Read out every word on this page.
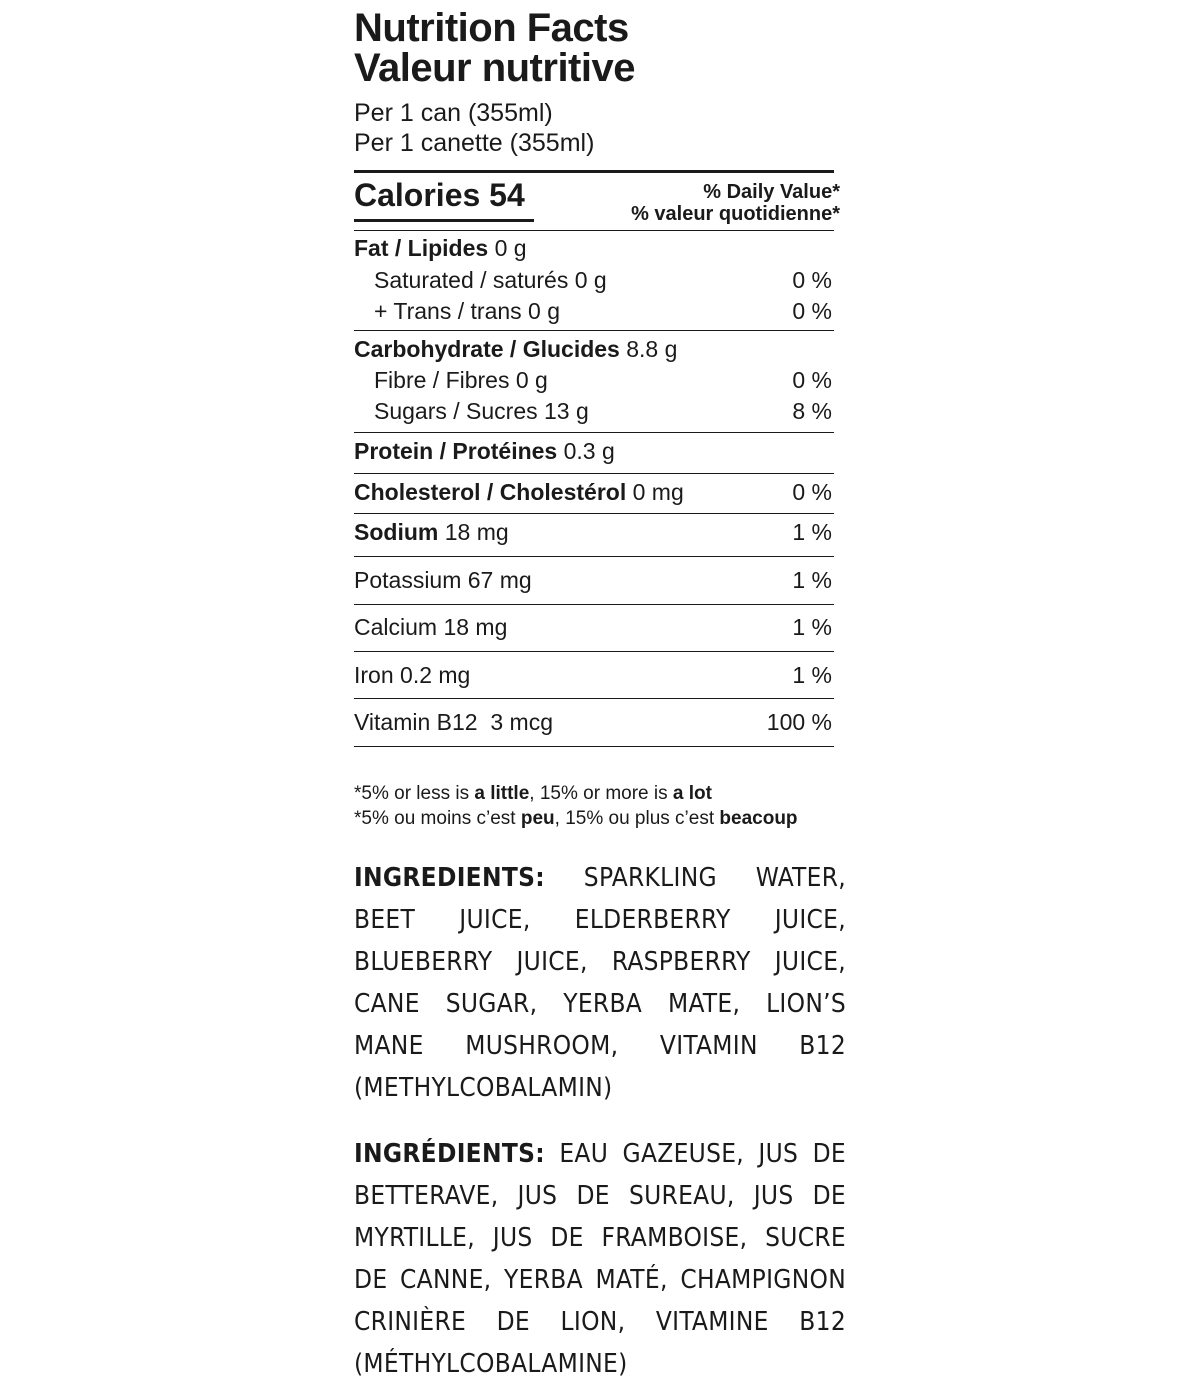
Nutrition Facts
Valeur nutritive
Per 1 can (355ml)
Per 1 canette (355ml)
Calories 54	% Daily Value*
% valeur quotidienne*
Fat / Lipides 0 g
Saturated / saturés 0 g	0 %
+ Trans / trans 0 g	0 %
Carbohydrate / Glucides 8.8 g
Fibre / Fibres 0 g	0 %
Sugars / Sucres 13 g	8 %
Protein / Protéines 0.3 g
Cholesterol / Cholestérol 0 mg	0 %
Sodium 18 mg	1 %
Potassium 67 mg	1 %
Calcium 18 mg	1 %
Iron 0.2 mg	1 %
Vitamin B12  3 mcg	100 %
*5% or less is a little, 15% or more is a lot
*5% ou moins c’est peu, 15% ou plus c’est beacoup
INGREDIENTS: SPARKLING WATER, BEET JUICE, ELDERBERRY JUICE, BLUEBERRY JUICE, RASPBERRY JUICE, CANE SUGAR, YERBA MATE, LION’S MANE MUSHROOM, VITAMIN B12 (METHYLCOBALAMIN)
INGRÉDIENTS: EAU GAZEUSE, JUS DE BETTERAVE, JUS DE SUREAU, JUS DE MYRTILLE, JUS DE FRAMBOISE, SUCRE DE CANNE, YERBA MATÉ, CHAMPIGNON CRINIÈRE DE LION, VITAMINE B12 (MÉTHYLCOBALAMINE)
